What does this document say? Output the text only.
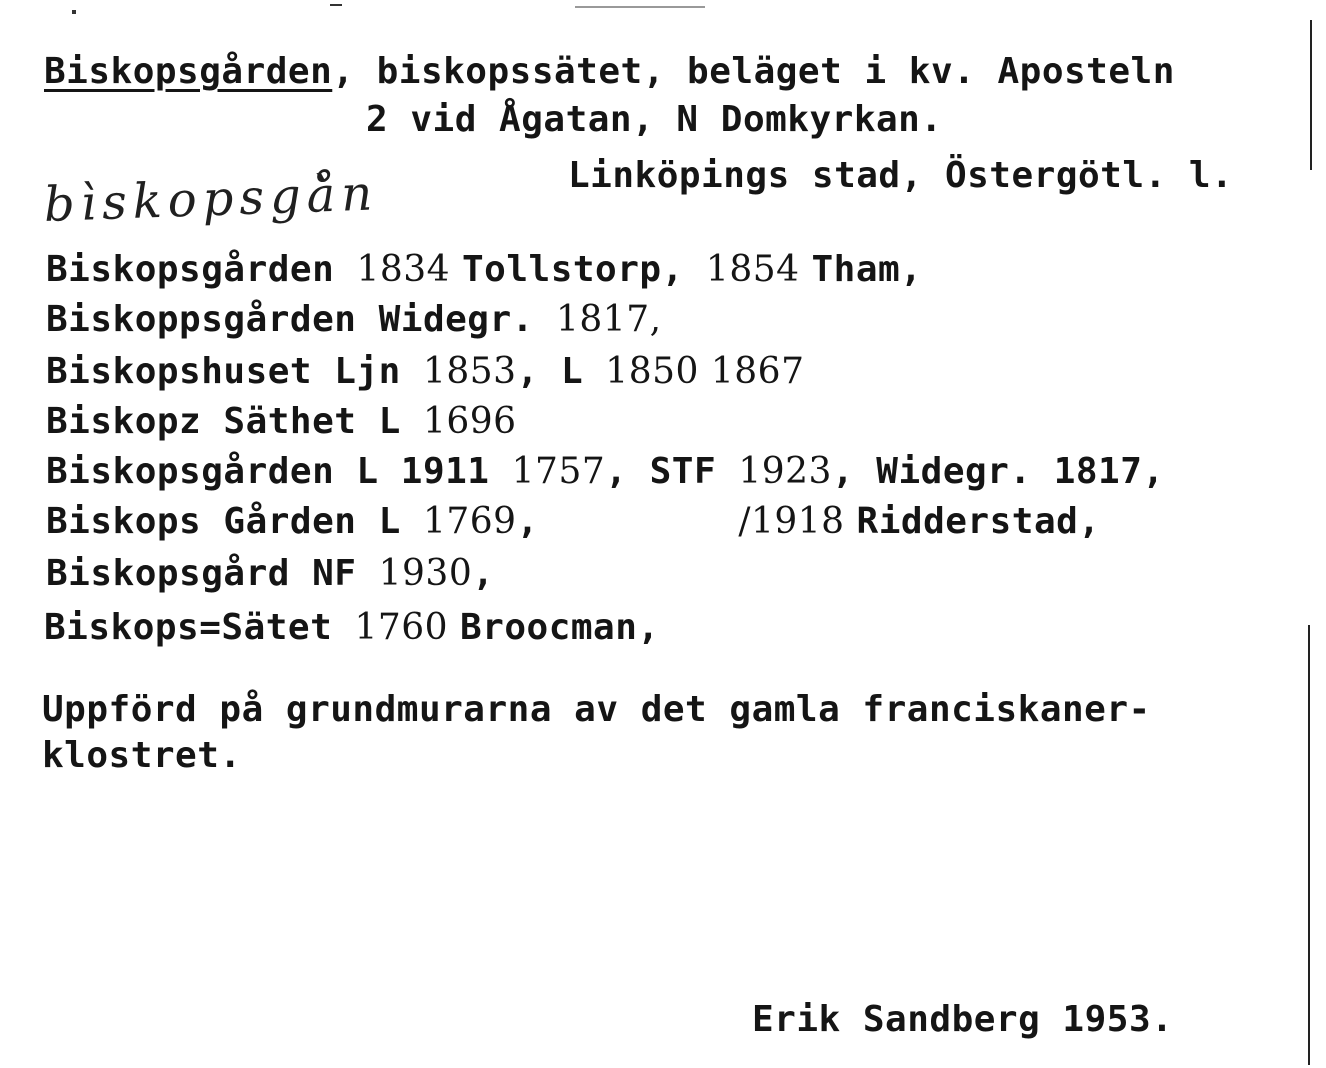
Biskopsgården, biskopssätet, beläget i kv. Aposteln
2 vid Ågatan, N Domkyrkan.
Linköpings stad, Östergötl. l.
bìskopsgå̀n
Biskopsgården 1834 Tollstorp, 1854 Tham,
Biskoppsgården Widegr. 1817,
Biskopshuset Ljn 1853, L 1850 1867
Biskopz Säthet L 1696
Biskopsgården L 1911 1757, STF 1923, Widegr. 1817,
Biskops Gården L 1769,         /1918 Ridderstad,
Biskopsgård NF 1930,
Biskops=Sätet 1760 Broocman,
Uppförd på grundmurarna av det gamla franciskaner-
klostret.
Erik Sandberg 1953.
